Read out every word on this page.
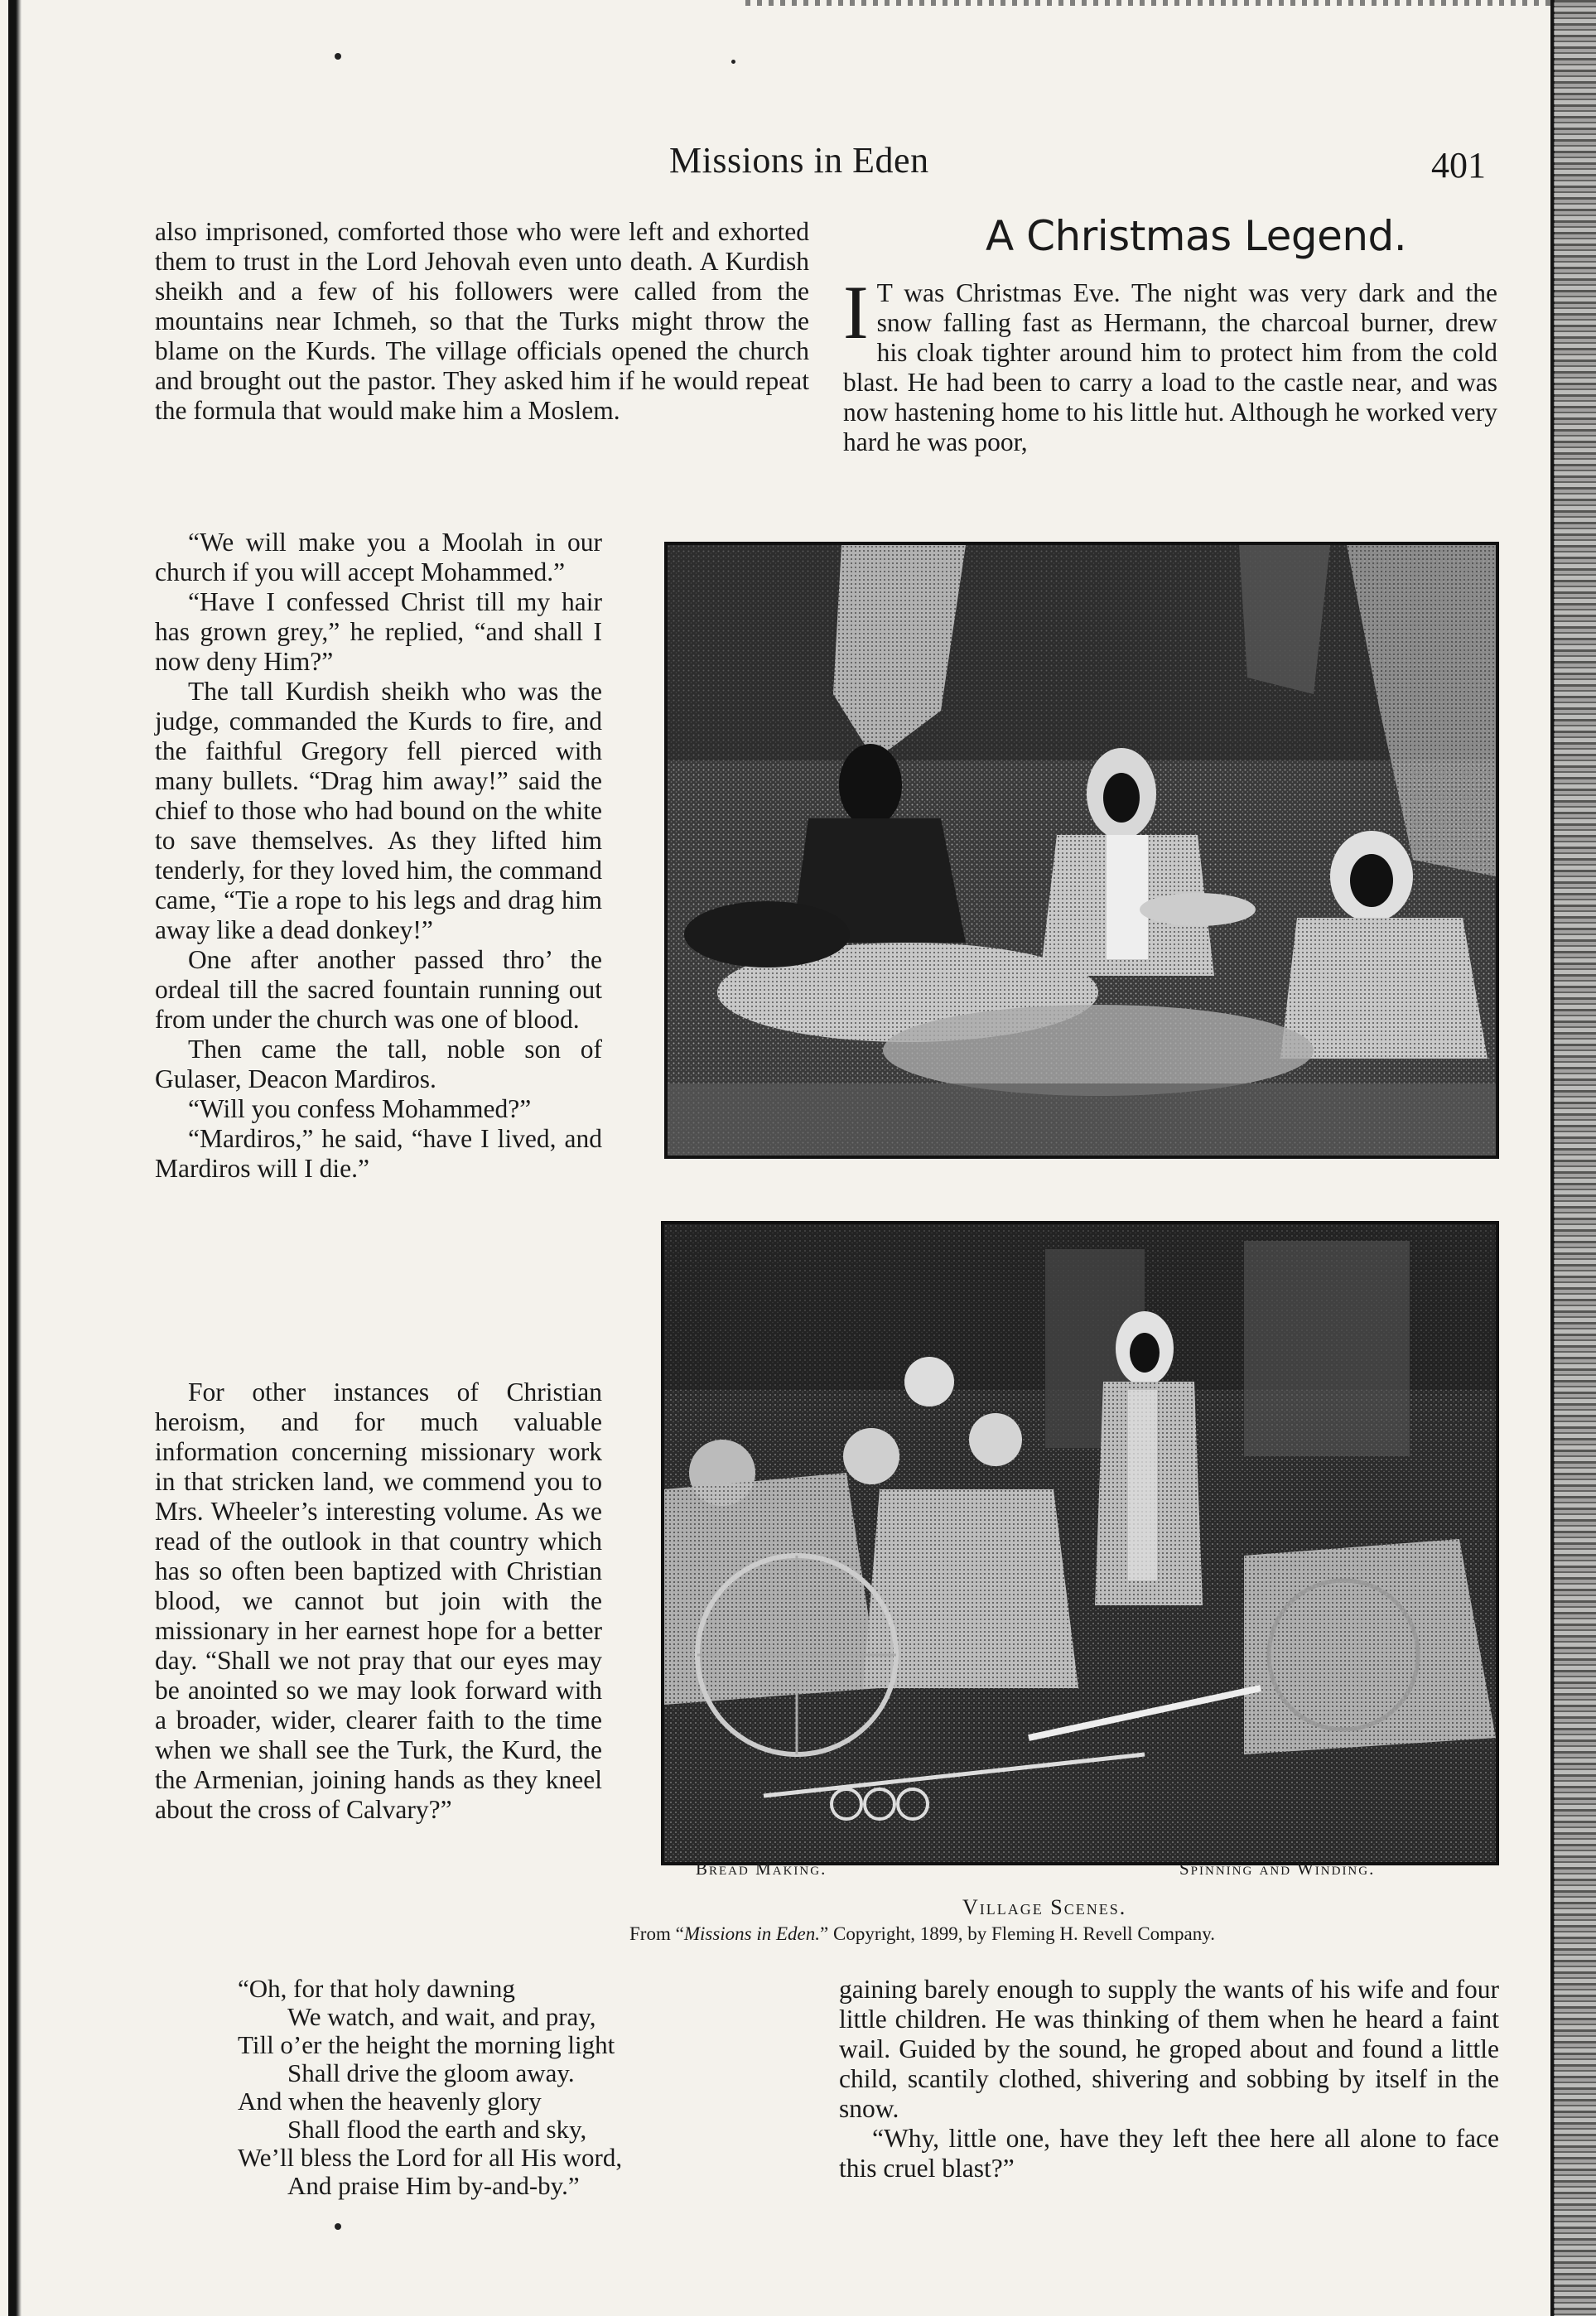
Missions in Eden	401

also imprisoned, comforted those who were left and exhorted them to trust in the Lord Jehovah even unto death. A Kurdish sheikh and a few of his followers were called from the mountains near Ichmeh, so that the Turks might throw the blame on the Kurds. The village officials opened the church and brought out the pastor. They asked him if he would repeat the formula that would make him a Moslem.

“We will make you a Moolah in our church if you will accept Mohammed.”

“Have I confessed Christ till my hair has grown grey,” he replied, “and shall I now deny Him?”

The tall Kurdish sheikh who was the judge, commanded the Kurds to fire, and the faithful Gregory fell pierced with many bullets. “Drag him away!” said the chief to those who had bound on the white to save themselves. As they lifted him tenderly, for they loved him, the command came, “Tie a rope to his legs and drag him away like a dead donkey!”

One after another passed thro’ the ordeal till the sacred fountain running out from under the church was one of blood.

Then came the tall, noble son of Gulaser, Deacon Mardiros.

“Will you confess Mohammed?”

“Mardiros,” he said, “have I lived, and Mardiros will I die.”

For other instances of Christian heroism, and for much valuable information concerning missionary work in that stricken land, we commend you to Mrs. Wheeler’s interesting volume. As we read of the outlook in that country which has so often been baptized with Christian blood, we cannot but join with the missionary in her earnest hope for a better day. “Shall we not pray that our eyes may be anointed so we may look forward with a broader, wider, clearer faith to the time when we shall see the Turk, the Kurd, the the Armenian, joining hands as they kneel about the cross of Calvary?”

“Oh, for that holy dawning
We watch, and wait, and pray,
Till o’er the height the morning light
Shall drive the gloom away.
And when the heavenly glory
Shall flood the earth and sky,
We’ll bless the Lord for all His word,
And praise Him by-and-by.”
A Christmas Legend.

I T was Christmas Eve. The night was very dark and the snow falling fast as Hermann, the charcoal burner, drew his cloak tighter around him to protect him from the cold blast. He had been to carry a load to the castle near, and was now hastening home to his little hut. Although he worked very hard he was poor,

gaining barely enough to supply the wants of his wife and four little children. He was thinking of them when he heard a faint wail. Guided by the sound, he groped about and found a little child, scantily clothed, shivering and sobbing by itself in the snow.

“Why, little one, have they left thee here all alone to face this cruel blast?”

Bread Making.	Spinning and Winding.
Village Scenes.
From “Missions in Eden.” Copyright, 1899, by Fleming H. Revell Company.
